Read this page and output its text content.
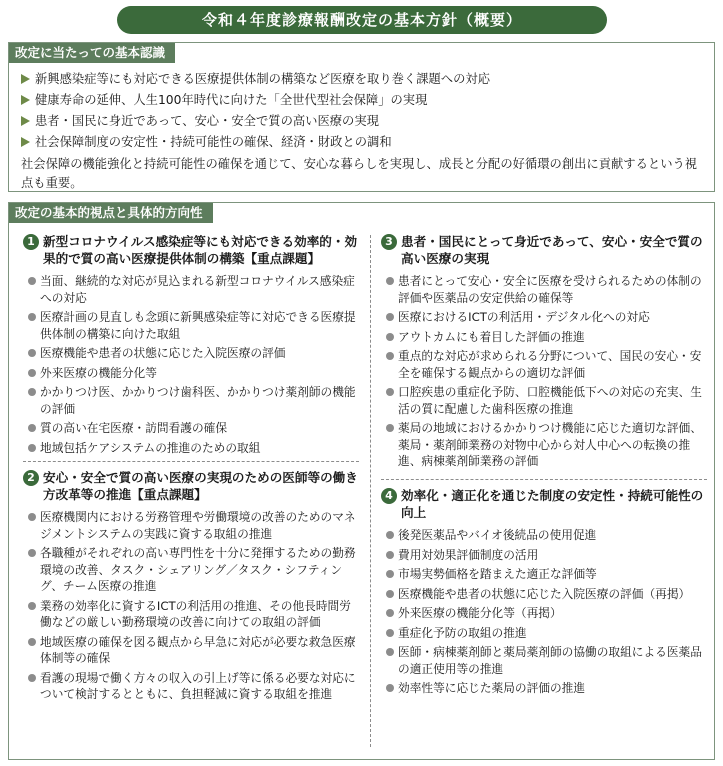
令和４年度診療報酬改定の基本方針（概要）
改定に当たっての基本認識
新興感染症等にも対応できる医療提供体制の構築など医療を取り巻く課題への対応
健康寿命の延伸、人生100年時代に向けた「全世代型社会保障」の実現
患者・国民に身近であって、安心・安全で質の高い医療の実現
社会保障制度の安定性・持続可能性の確保、経済・財政との調和

社会保障の機能強化と持続可能性の確保を通じて、安心な暮らしを実現し、成長と分配の好循環の創出に貢献するという視点も重要。

改定の基本的視点と具体的方向性
1 新型コロナウイルス感染症等にも対応できる効率的・効果的で質の高い医療提供体制の構築【重点課題】
当面、継続的な対応が見込まれる新型コロナウイルス感染症への対応
医療計画の見直しも念頭に新興感染症等に対応できる医療提供体制の構築に向けた取組
医療機能や患者の状態に応じた入院医療の評価
外来医療の機能分化等
かかりつけ医、かかりつけ歯科医、かかりつけ薬剤師の機能の評価
質の高い在宅医療・訪問看護の確保
地域包括ケアシステムの推進のための取組
2 安心・安全で質の高い医療の実現のための医師等の働き方改革等の推進【重点課題】
医療機関内における労務管理や労働環境の改善のためのマネジメントシステムの実践に資する取組の推進
各職種がそれぞれの高い専門性を十分に発揮するための勤務環境の改善、タスク・シェアリング／タスク・シフティング、チーム医療の推進
業務の効率化に資するICTの利活用の推進、その他長時間労働などの厳しい勤務環境の改善に向けての取組の評価
地域医療の確保を図る観点から早急に対応が必要な救急医療体制等の確保
看護の現場で働く方々の収入の引上げ等に係る必要な対応について検討するとともに、負担軽減に資する取組を推進
3 患者・国民にとって身近であって、安心・安全で質の高い医療の実現
患者にとって安心・安全に医療を受けられるための体制の評価や医薬品の安定供給の確保等
医療におけるICTの利活用・デジタル化への対応
アウトカムにも着目した評価の推進
重点的な対応が求められる分野について、国民の安心・安全を確保する観点からの適切な評価
口腔疾患の重症化予防、口腔機能低下への対応の充実、生活の質に配慮した歯科医療の推進
薬局の地域におけるかかりつけ機能に応じた適切な評価、薬局・薬剤師業務の対物中心から対人中心への転換の推進、病棟薬剤師業務の評価
4 効率化・適正化を通じた制度の安定性・持続可能性の向上
後発医薬品やバイオ後続品の使用促進
費用対効果評価制度の活用
市場実勢価格を踏まえた適正な評価等
医療機能や患者の状態に応じた入院医療の評価（再掲）
外来医療の機能分化等（再掲）
重症化予防の取組の推進
医師・病棟薬剤師と薬局薬剤師の協働の取組による医薬品の適正使用等の推進
効率性等に応じた薬局の評価の推進
